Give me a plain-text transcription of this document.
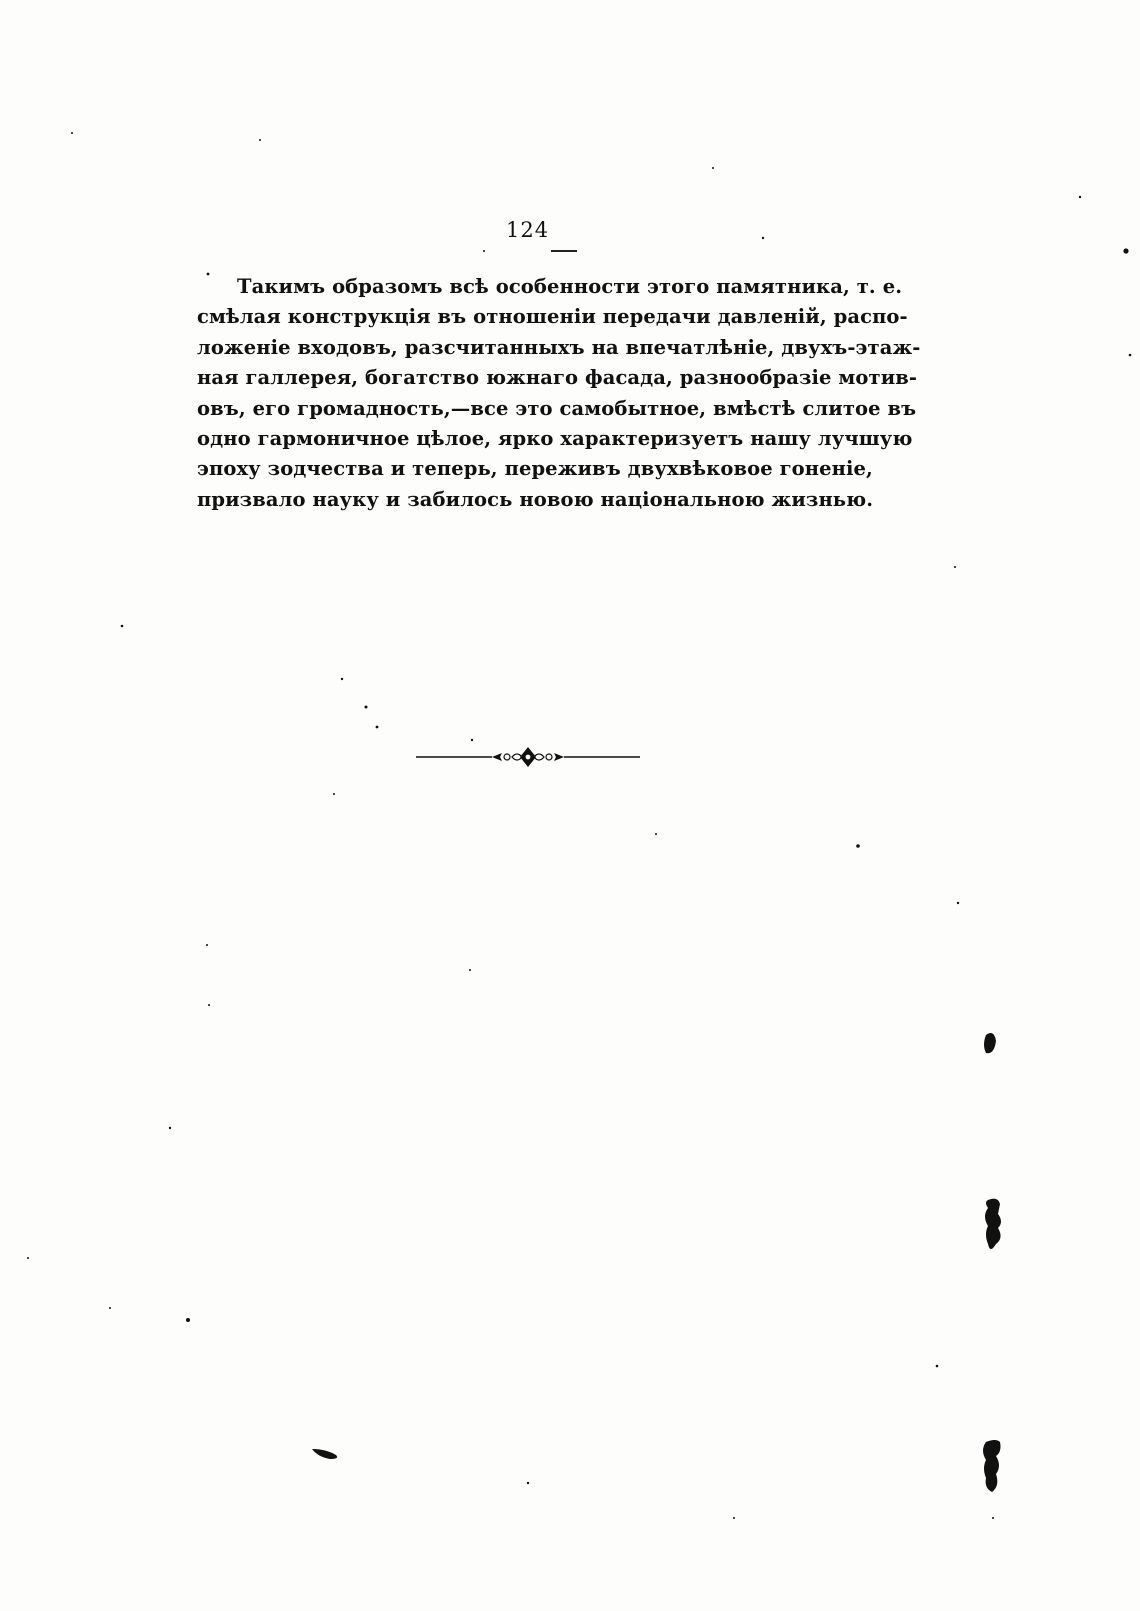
124
Такимъ образомъ всѣ особенности этого памятника, т. е.
смѣлая конструкція въ отношеніи передачи давленій, распо-
ложеніе входовъ, разсчитанныхъ на впечатлѣніе, двухъ-этаж-
ная галлерея, богатство южнаго фасада, разнообразіе мотив-
овъ, его громадность,—все это самобытное, вмѣстѣ слитое въ
одно гармоничное цѣлое, ярко характеризуетъ нашу лучшую
эпоху зодчества и теперь, переживъ двухвѣковое гоненіе,
призвало науку и забилось новою національною жизнью.
